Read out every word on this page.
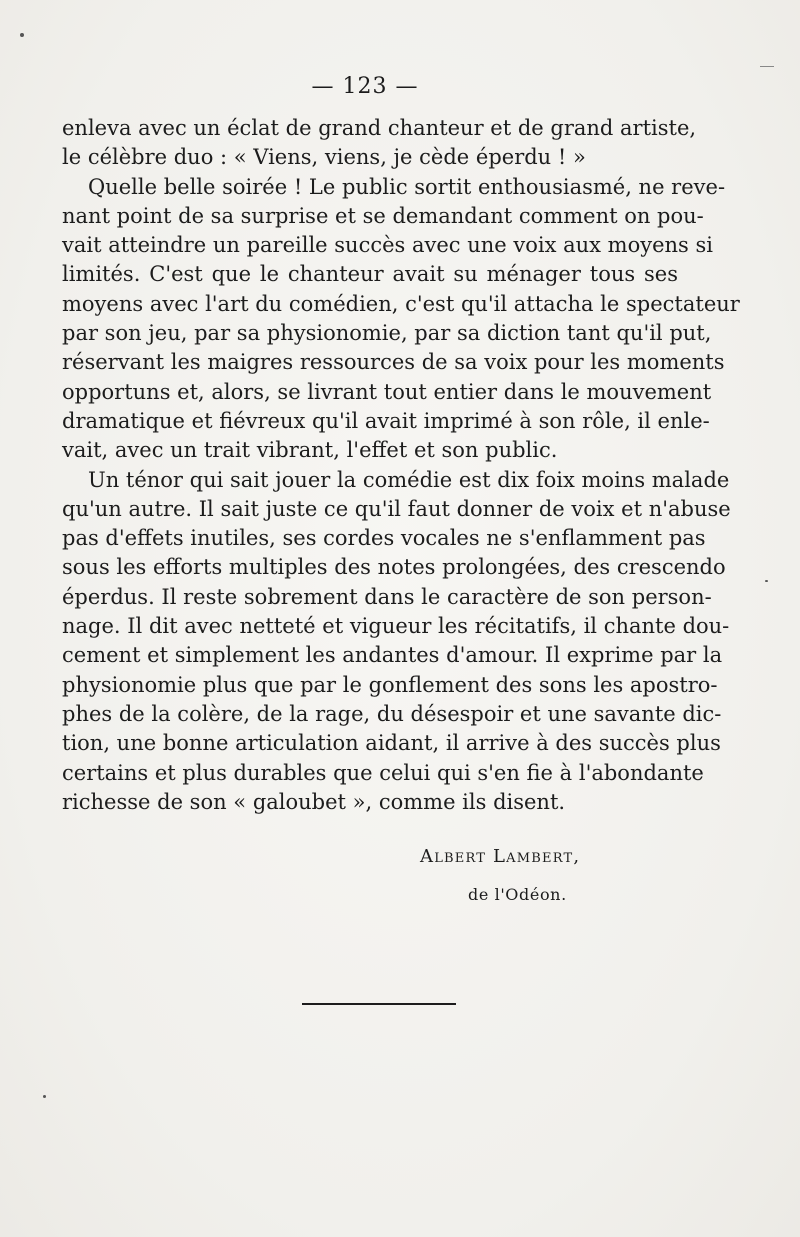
— 123 —
enleva avec un éclat de grand chanteur et de grand artiste,
le célèbre duo : « Viens, viens, je cède éperdu ! »
Quelle belle soirée ! Le public sortit enthousiasmé, ne reve-
nant point de sa surprise et se demandant comment on pou-
vait atteindre un pareille succès avec une voix aux moyens si
limités. C'est que le chanteur avait su ménager tous ses
moyens avec l'art du comédien, c'est qu'il attacha le spectateur
par son jeu, par sa physionomie, par sa diction tant qu'il put,
réservant les maigres ressources de sa voix pour les moments
opportuns et, alors, se livrant tout entier dans le mouvement
dramatique et fiévreux qu'il avait imprimé à son rôle, il enle-
vait, avec un trait vibrant, l'effet et son public.
Un ténor qui sait jouer la comédie est dix foix moins malade
qu'un autre. Il sait juste ce qu'il faut donner de voix et n'abuse
pas d'effets inutiles, ses cordes vocales ne s'enflamment pas
sous les efforts multiples des notes prolongées, des crescendo
éperdus. Il reste sobrement dans le caractère de son person-
nage. Il dit avec netteté et vigueur les récitatifs, il chante dou-
cement et simplement les andantes d'amour. Il exprime par la
physionomie plus que par le gonflement des sons les apostro-
phes de la colère, de la rage, du désespoir et une savante dic-
tion, une bonne articulation aidant, il arrive à des succès plus
certains et plus durables que celui qui s'en fie à l'abondante
richesse de son « galoubet », comme ils disent.
Albert Lambert,
de l'Odéon.
